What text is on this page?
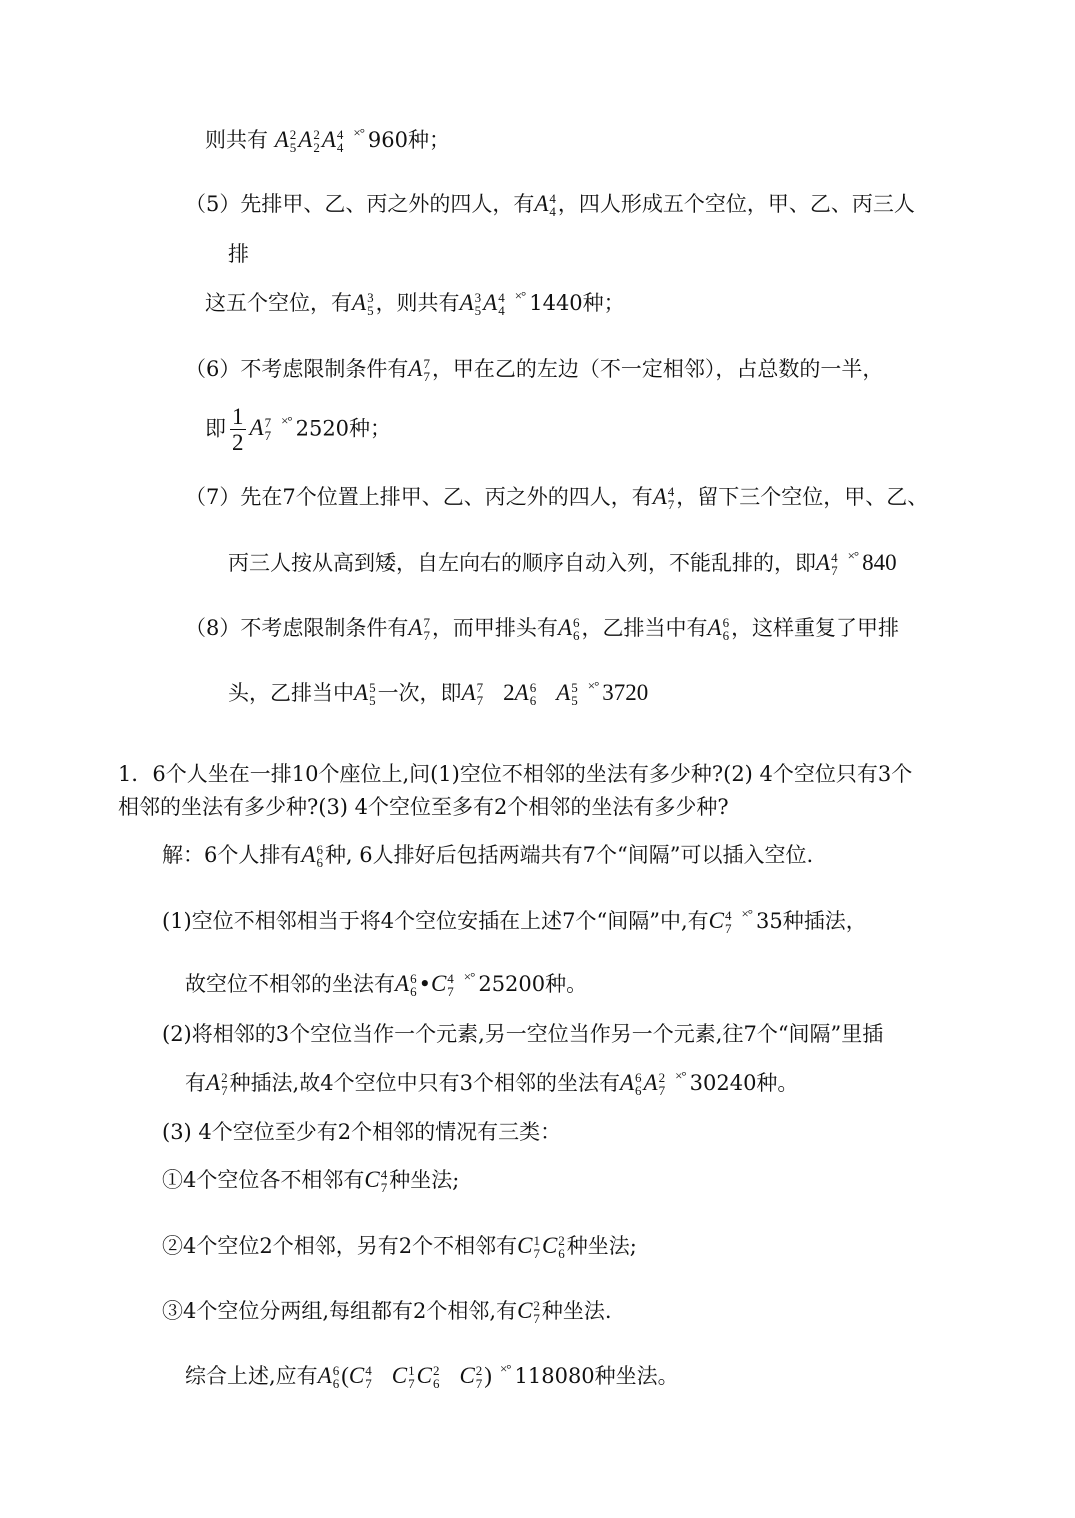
则共有 A 2
5 A 2
2 A 4
4
×° 960种；
（5）先排甲、乙、丙之外的四人，有A 4
4 ，四人形成五个空位，甲、乙、丙三人
排
这五个空位，有A 3
5 ，则共有A 3
5 A 4
4
×° 1440种；
（6）不考虑限制条件有A 7
7 ，甲在乙的左边（不一定相邻），占总数的一半，
即 $\frac{1}{2}$ A 7
7
×° 2520种；
（7）先在7个位置上排甲、乙、丙之外的四人，有A 4
7 ，留下三个空位，甲、乙、
丙三人按从高到矮，自左向右的顺序自动入列，不能乱排的，即A 4
7
×° 840
（8）不考虑限制条件有A 7
7 ，而甲排头有A 6
6 ，乙排当中有A 6
6 ，这样重复了甲排
头，乙排当中A 5
5 一次，即A 7
7 2A 6
6 A 5
5
×° 3720
1．6个人坐在一排10个座位上,问(1)空位不相邻的坐法有多少种?(2) 4个空位只有3个
相邻的坐法有多少种?(3) 4个空位至多有2个相邻的坐法有多少种?
解：6个人排有A 6
6 种, 6人排好后包括两端共有7个“间隔”可以插入空位.
(1)空位不相邻相当于将4个空位安插在上述7个“间隔”中,有C 4
7
×° 35种插法，
故空位不相邻的坐法有A 6
6 •C 4
7
×° 25200种。
(2)将相邻的3个空位当作一个元素,另一空位当作另一个元素,往7个“间隔”里插
有A 2
7 种插法,故4个空位中只有3个相邻的坐法有A 6
6 A 2
7
×° 30240种。
(3) 4个空位至少有2个相邻的情况有三类：
①4个空位各不相邻有C 4
7 种坐法;
②4个空位2个相邻，另有2个不相邻有C 1
7 C 2
6 种坐法;
③4个空位分两组,每组都有2个相邻,有C 2
7 种坐法.
综合上述,应有A 6
6 (C 4
7 C 1
7 C 2
6 C 2
7 ) ×° 118080种坐法。
